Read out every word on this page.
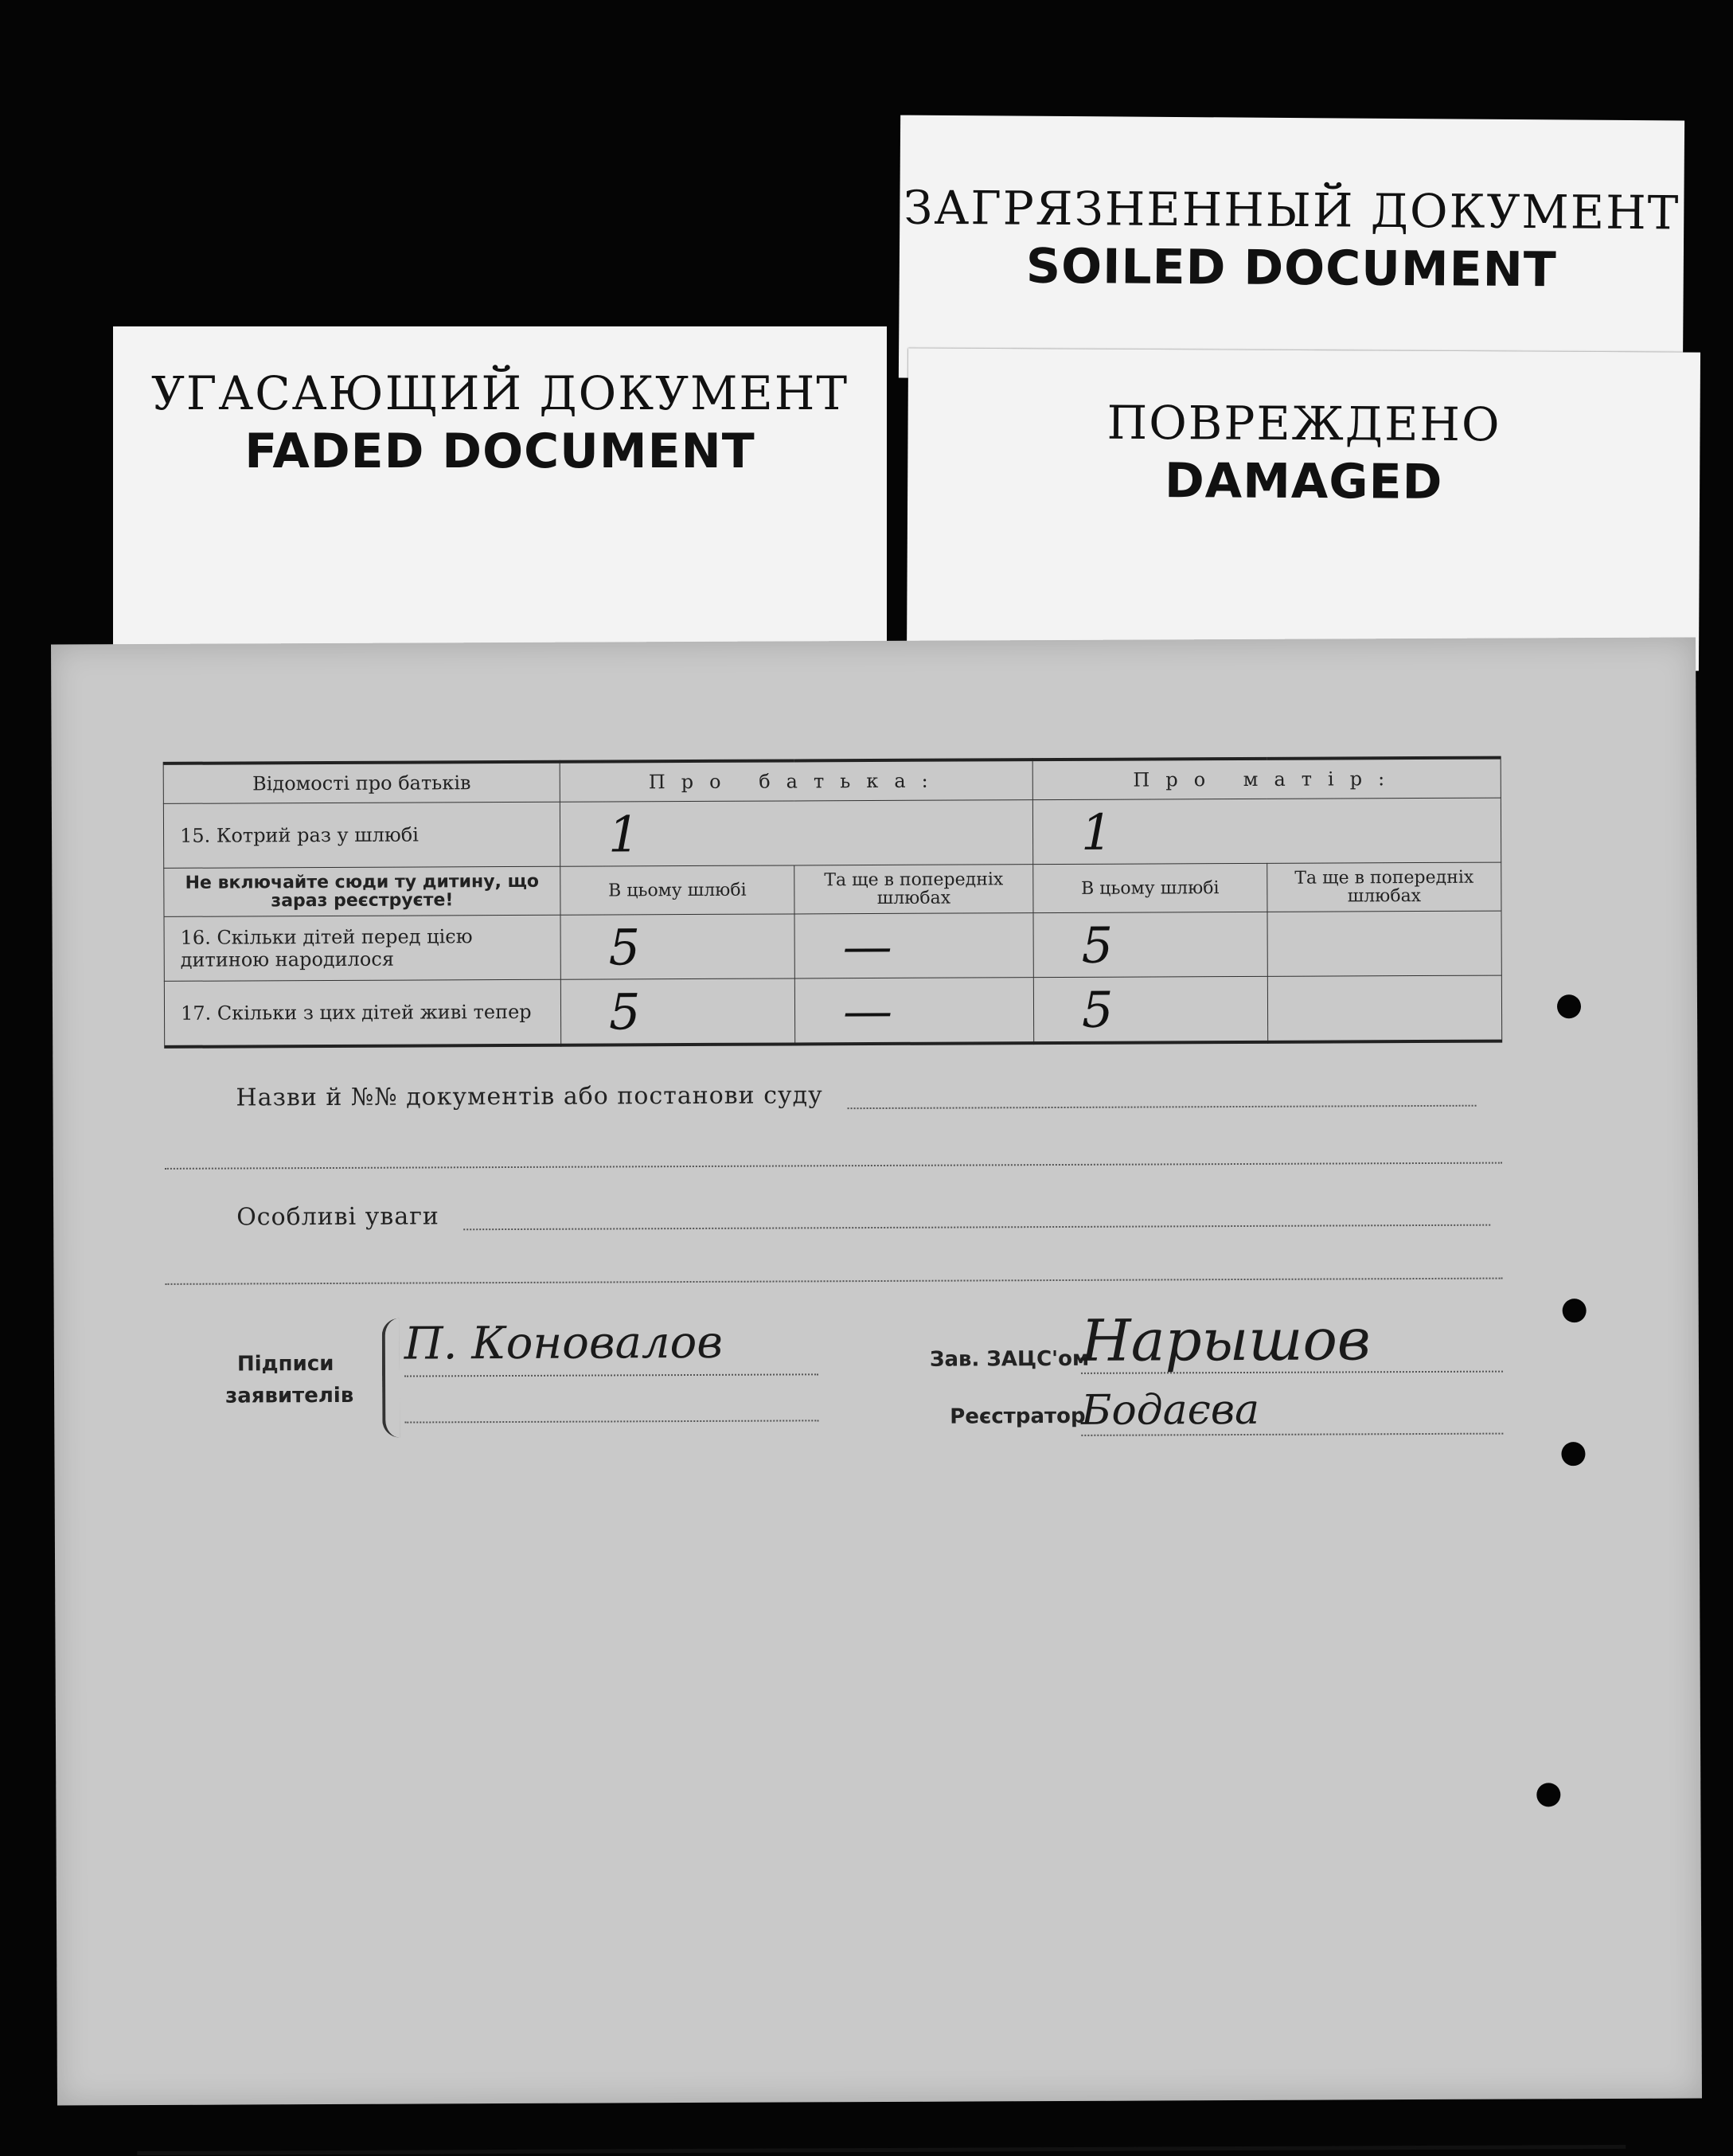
ЗАГРЯЗНЕННЫЙ ДОКУМЕНТ
SOILED DOCUMENT
УГАСАЮЩИЙ ДОКУМЕНТ
FADED DOCUMENT	ПОВРЕЖДЕНО
DAMAGED
Відомості про батьків	Про батька:		Про матір:	
15. Котрий раз у шлюбі	1		1	
Не включайте сюди ту дитину, що зараз реєструєте!	В цьому шлюбі	Та ще в попередніх шлюбах	В цьому шлюбі	Та ще в попередніх шлюбах
16. Скільки дітей перед цією дитиною народилося	5	—	5	
17. Скільки з цих дітей живі тепер	5	—	5	
Назви й №№ документів або постанови суду
Особливі уваги
Підписи
заявителів
П. Коновалов	Зав. ЗАЦС'ом
Нарышов
Реєстратор
Бодаєва
